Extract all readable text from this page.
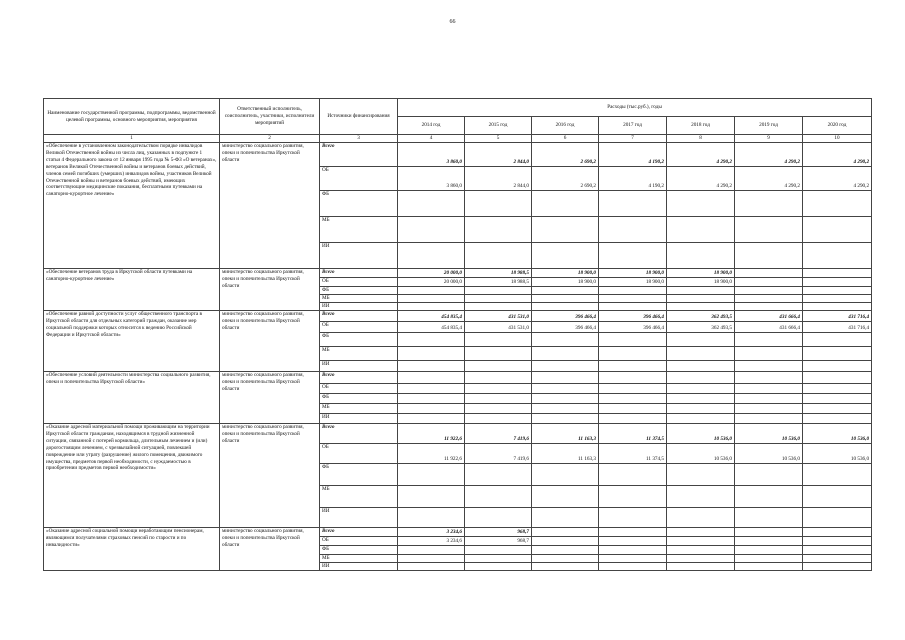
66
Наименование государственной программы, подпрограммы, ведомственной целевой программы, основного мероприятия, мероприятия	Ответственный исполнитель, соисполнитель, участники, исполнители мероприятий	Источники финансирования	Расходы (тыс.руб.), годы						
			2014 год	2015 год	2016 год	2017 год	2018 год	2019 год	2020 год
1	2	3	4	5	6	7	8	9	10
«Обеспечение в установленном законодательством порядке инвалидов Великой Отечественной войны из числа лиц, указанных в подпункте 1 статьи 4 Федерального закона от 12 января 1995 года № 5-ФЗ «О ветеранах», ветеранов Великой Отечественной войны и ветеранов боевых действий, членов семей погибших (умерших) инвалидов войны, участников Великой Отечественной войны и ветеранов боевых действий, имеющих соответствующие медицинские показания, бесплатными путевками на санаторно-курортное лечение»	министерство социального развития, опеки и попечительства Иркутской области	Всего	3 860,0	2 844,0	2 690,2	4 190,2	4 290,2	4 290,2	4 290,2
		ОБ	3 860,0	2 844,0	2 690,2	4 190,2	4 290,2	4 290,2	4 290,2
		ФБ							
		МБ							
		ИИ							
«Обеспечение ветеранов труда в Иркутской области путевками на санаторно-курортное лечение»	министерство социального развития, опеки и попечительства Иркутской области	Всего	20 000,0	18 988,5	18 900,0	18 900,0	18 900,0		
		ОБ	20 000,0	18 988,5	18 900,0	18 900,0	18 900,0		
		ФБ							
		МБ							
		ИИ							
«Обеспечение равной доступности услуг общественного транспорта в Иркутской области для отдельных категорий граждан, оказание мер социальной поддержки которых относится к ведению Российской Федерации и Иркутской области»	министерство социального развития, опеки и попечительства Иркутской области	Всего	454 835,4	431 531,0	396 466,4	396 466,4	362 493,5	431 666,4	431 716,4
		ОБ	454 835,4	431 531,0	396 466,4	396 466,4	362 493,5	431 666,4	431 716,4
		ФБ							
		МБ							
		ИИ							
«Обеспечение условий деятельности министерства социального развития, опеки и попечительства Иркутской области»	министерство социального развития, опеки и попечительства Иркутской области	Всего							
		ОБ							
		ФБ							
		МБ							
		ИИ							
«Оказание адресной материальной помощи проживающим на территории Иркутской области гражданам, находящимся в трудной жизненной ситуации, связанной с потерей кормильца, длительным лечением и (или) дорогостоящим лечением, с чрезвычайной ситуацией, повлекшей повреждение или утрату (разрушение) жилого помещения, движимого имущества, предметов первой необходимости, с нуждаемостью в приобретении предметов первой необходимости»	министерство социального развития, опеки и попечительства Иркутской области	Всего	11 922,6	7 419,6	11 163,3	11 374,5	10 536,0	10 536,0	10 536,0
		ОБ	11 922,6	7 419,6	11 163,3	11 374,5	10 536,0	10 536,0	10 536,0
		ФБ							
		МБ							
		ИИ							
«Оказание адресной социальной помощи неработающим пенсионерам, являющимся получателями страховых пенсий по старости и по инвалидности»	министерство социального развития, опеки и попечительства Иркутской области	Всего	3 234,6	968,7					
		ОБ	3 234,6	968,7					
		ФБ							
		МБ							
		ИИ							
